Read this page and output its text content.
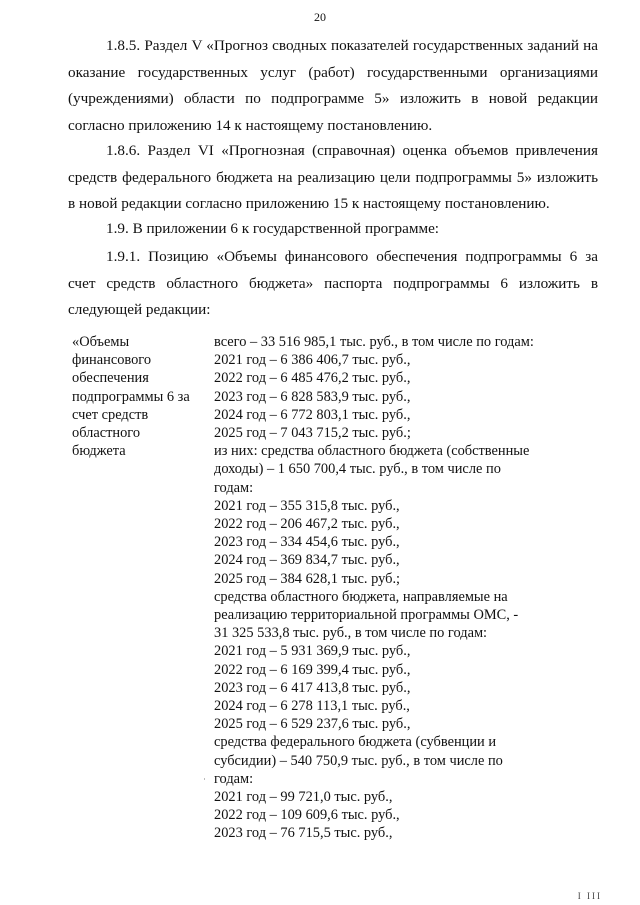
20

1.8.5. Раздел V «Прогноз сводных показателей государственных заданий на оказание государственных услуг (работ) государственными организациями (учреждениями) области по подпрограмме 5» изложить в новой редакции согласно приложению 14 к настоящему постановлению.

1.8.6. Раздел VI «Прогнозная (справочная) оценка объемов привлечения средств федерального бюджета на реализацию цели подпрограммы 5» изложить в новой редакции согласно приложению 15 к настоящему постановлению.

1.9. В приложении 6 к государственной программе:

1.9.1. Позицию «Объемы финансового обеспечения подпрограммы 6 за счет средств областного бюджета» паспорта подпрограммы 6 изложить в следующей редакции:

«Объемы
финансового
обеспечения
подпрограммы 6 за
счет средств
областного
бюджета
всего – 33 516 985,1 тыс. руб., в том числе по годам:
2021 год – 6 386 406,7 тыс. руб.,
2022 год – 6 485 476,2 тыс. руб.,
2023 год – 6 828 583,9 тыс. руб.,
2024 год – 6 772 803,1 тыс. руб.,
2025 год – 7 043 715,2 тыс. руб.;
из них: средства областного бюджета (собственные
доходы) – 1 650 700,4 тыс. руб., в том числе по
годам:
2021 год – 355 315,8 тыс. руб.,
2022 год – 206 467,2 тыс. руб.,
2023 год – 334 454,6 тыс. руб.,
2024 год – 369 834,7 тыс. руб.,
2025 год – 384 628,1 тыс. руб.;
средства областного бюджета, направляемые на
реализацию территориальной программы ОМС, -
31 325 533,8 тыс. руб., в том числе по годам:
2021 год – 5 931 369,9 тыс. руб.,
2022 год – 6 169 399,4 тыс. руб.,
2023 год – 6 417 413,8 тыс. руб.,
2024 год – 6 278 113,1 тыс. руб.,
2025 год – 6 529 237,6 тыс. руб.,
средства федерального бюджета (субвенции и
субсидии) – 540 750,9 тыс. руб., в том числе по
годам:
2021 год – 99 721,0 тыс. руб.,
2022 год – 109 609,6 тыс. руб.,
2023 год – 76 715,5 тыс. руб.,
I III
